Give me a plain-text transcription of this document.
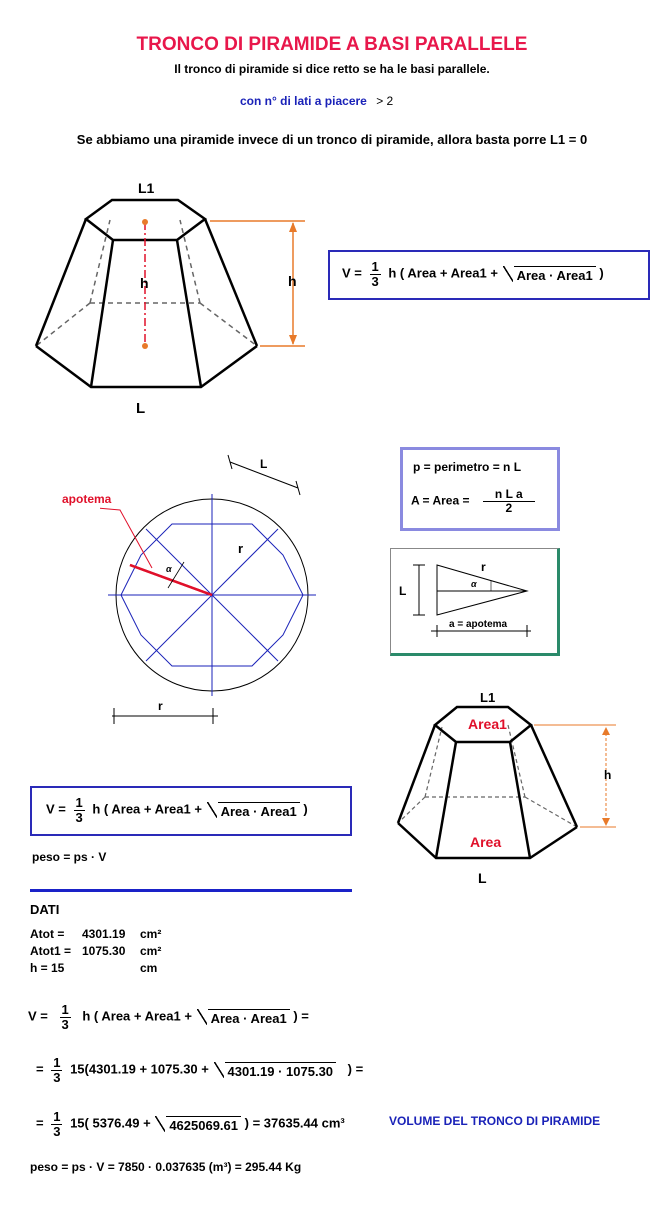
TRONCO DI PIRAMIDE A BASI PARALLELE
Il tronco di piramide si dice retto se ha le basi parallele.
con n° di lati a piacere > 2
Se abbiamo una piramide invece di un tronco di piramide, allora basta porre L1 = 0
L1
h	h
L
$V = \frac{1}{3}$ h ( Area + Area1 + Area · Area1 )
α
r
L
r
apotema
p = perimetro = n L
A = Area = $\frac{\text{n L a}}{2}$
r
α
L
a = apotema
L1
Area1
Area
h
L
$V = \frac{1}{3}$ h ( Area + Area1 + Area · Area1 )
peso = ps · V
DATI
Atot = 4301.19 cm²
Atot1 = 1075.30 cm²
h = 15	cm
$V = \frac{1}{3}$ h ( Area + Area1 + Area · Area1 ) =
= $\frac{1}{3} 15(4301.19 + 1075.30 + 4301.19 \cdot 1075.30$ ) =
= $\frac{1}{3} 15$( 5376.49 + 4625069.61 ) = 37635.44 cm³	VOLUME DEL TRONCO DI PIRAMIDE
peso = ps · V = 7850 · 0.037635 (m³) = 295.44 Kg
